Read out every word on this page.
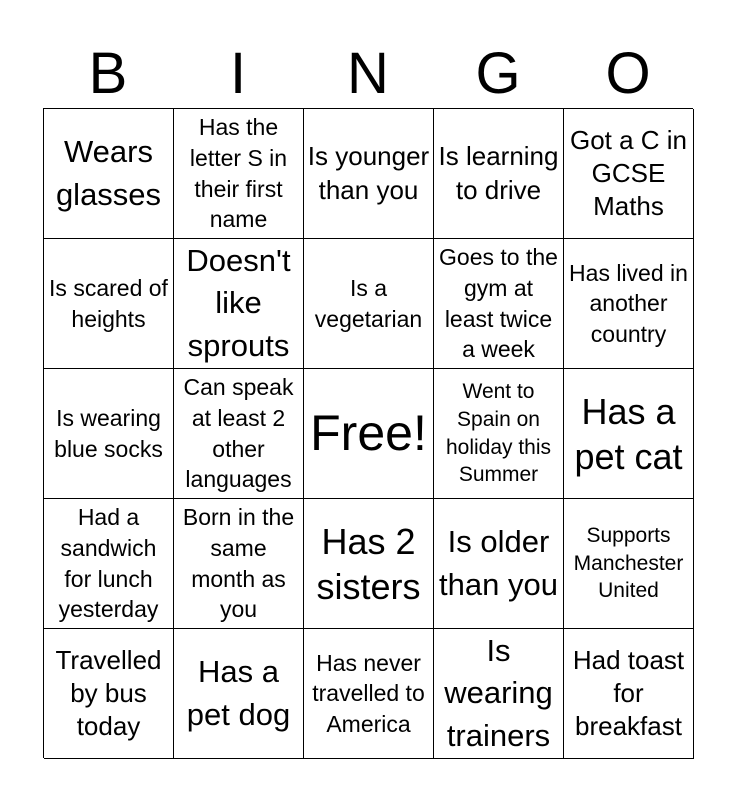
B	I	N	G	O
Wears glasses
Has the letter S in their first name
Is younger than you
Is learning to drive
Got a C in GCSE Maths
Is scared of heights
Doesn't like sprouts
Is a vegetarian
Goes to the gym at least twice a week
Has lived in another country
Is wearing blue socks
Can speak at least 2 other languages
Free!
Went to Spain on holiday this Summer
Has a pet cat
Had a sandwich for lunch yesterday
Born in the same month as you
Has 2 sisters
Is older than you
Supports Manchester United
Travelled by bus today
Has a pet dog
Has never travelled to America
Is wearing trainers
Had toast for breakfast
